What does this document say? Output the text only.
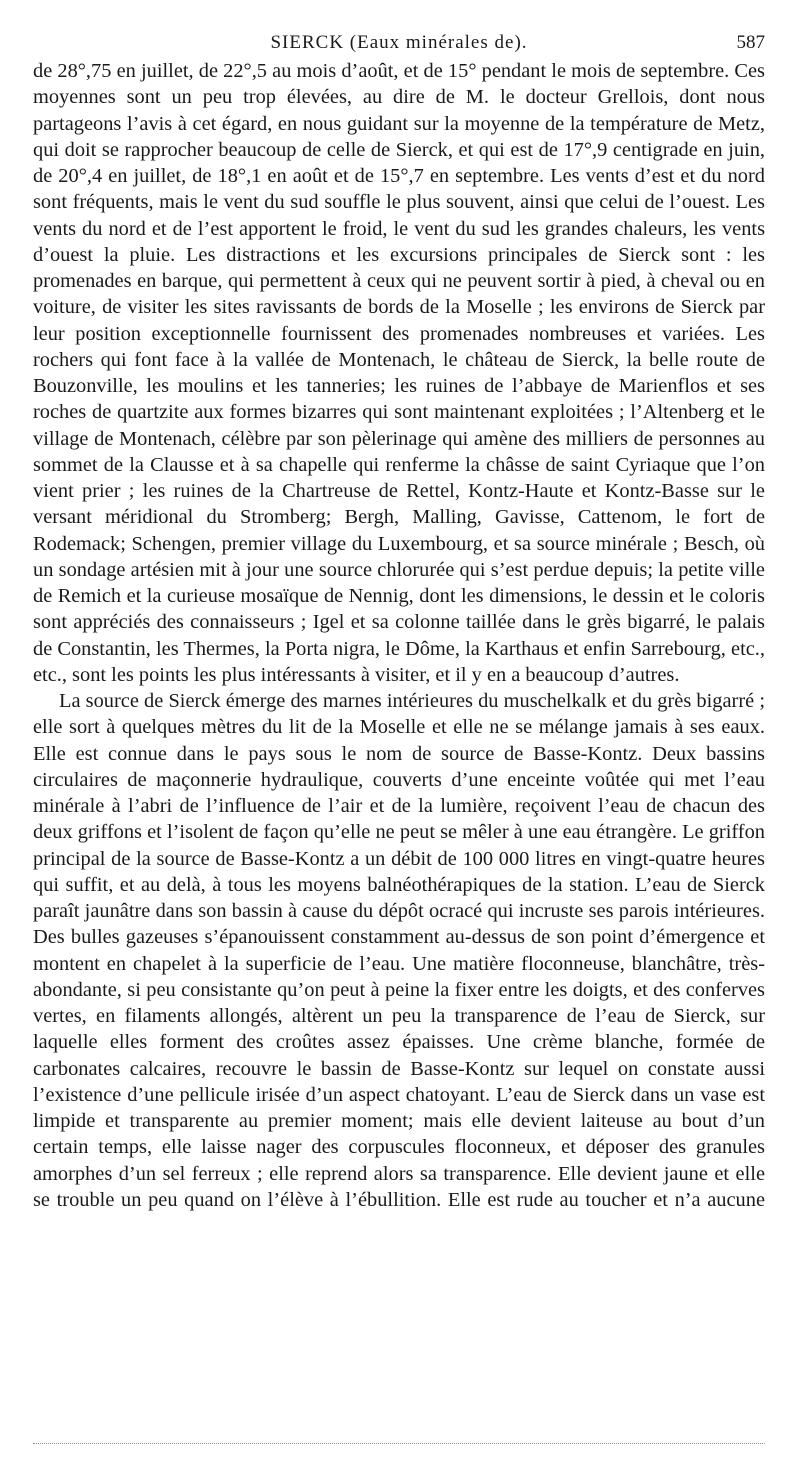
SIERCK (Eaux minérales de).	587

de 28°,75 en juillet, de 22°,5 au mois d’août, et de 15° pendant le mois de septembre. Ces moyennes sont un peu trop élevées, au dire de M. le docteur Grellois, dont nous partageons l’avis à cet égard, en nous guidant sur la moyenne de la température de Metz, qui doit se rapprocher beaucoup de celle de Sierck, et qui est de 17°,9 centigrade en juin, de 20°,4 en juillet, de 18°,1 en août et de 15°,7 en septembre. Les vents d’est et du nord sont fréquents, mais le vent du sud souffle le plus souvent, ainsi que celui de l’ouest. Les vents du nord et de l’est apportent le froid, le vent du sud les grandes chaleurs, les vents d’ouest la pluie. Les distractions et les excursions principales de Sierck sont : les promenades en barque, qui permettent à ceux qui ne peuvent sortir à pied, à cheval ou en voiture, de visiter les sites ravissants de bords de la Moselle ; les environs de Sierck par leur position exceptionnelle fournissent des promenades nombreuses et variées. Les rochers qui font face à la vallée de Montenach, le château de Sierck, la belle route de Bouzonville, les moulins et les tanneries; les ruines de l’abbaye de Marienflos et ses roches de quartzite aux formes bizarres qui sont maintenant exploitées ; l’Altenberg et le village de Montenach, célèbre par son pèlerinage qui amène des milliers de personnes au sommet de la Clausse et à sa chapelle qui renferme la châsse de saint Cyriaque que l’on vient prier ; les ruines de la Chartreuse de Rettel, Kontz-Haute et Kontz-Basse sur le versant méridional du Stromberg; Bergh, Malling, Gavisse, Cattenom, le fort de Rodemack; Schengen, premier village du Luxembourg, et sa source minérale ; Besch, où un sondage artésien mit à jour une source chlorurée qui s’est perdue depuis; la petite ville de Remich et la curieuse mosaïque de Nennig, dont les dimensions, le dessin et le coloris sont appréciés des connaisseurs ; Igel et sa colonne taillée dans le grès bigarré, le palais de Constantin, les Thermes, la Porta nigra, le Dôme, la Karthaus et enfin Sarrebourg, etc., etc., sont les points les plus intéressants à visiter, et il y en a beaucoup d’autres.

La source de Sierck émerge des marnes intérieures du muschelkalk et du grès bigarré ; elle sort à quelques mètres du lit de la Moselle et elle ne se mélange jamais à ses eaux. Elle est connue dans le pays sous le nom de source de Basse-Kontz. Deux bassins circulaires de maçonnerie hydraulique, couverts d’une enceinte voûtée qui met l’eau minérale à l’abri de l’influence de l’air et de la lumière, reçoivent l’eau de chacun des deux griffons et l’isolent de façon qu’elle ne peut se mêler à une eau étrangère. Le griffon principal de la source de Basse-Kontz a un débit de 100 000 litres en vingt-quatre heures qui suffit, et au delà, à tous les moyens balnéothérapiques de la station. L’eau de Sierck paraît jaunâtre dans son bassin à cause du dépôt ocracé qui incruste ses parois intérieures. Des bulles gazeuses s’épanouissent constamment au-dessus de son point d’émergence et montent en chapelet à la superficie de l’eau. Une matière floconneuse, blanchâtre, très-abondante, si peu consistante qu’on peut à peine la fixer entre les doigts, et des conferves vertes, en filaments allongés, altèrent un peu la transparence de l’eau de Sierck, sur laquelle elles forment des croûtes assez épaisses. Une crème blanche, formée de carbonates calcaires, recouvre le bassin de Basse-Kontz sur lequel on constate aussi l’existence d’une pellicule irisée d’un aspect chatoyant. L’eau de Sierck dans un vase est limpide et transparente au premier moment; mais elle devient laiteuse au bout d’un certain temps, elle laisse nager des corpuscules floconneux, et déposer des granules amorphes d’un sel ferreux ; elle reprend alors sa transparence. Elle devient jaune et elle se trouble un peu quand on l’élève à l’ébullition. Elle est rude au toucher et n’a aucune
